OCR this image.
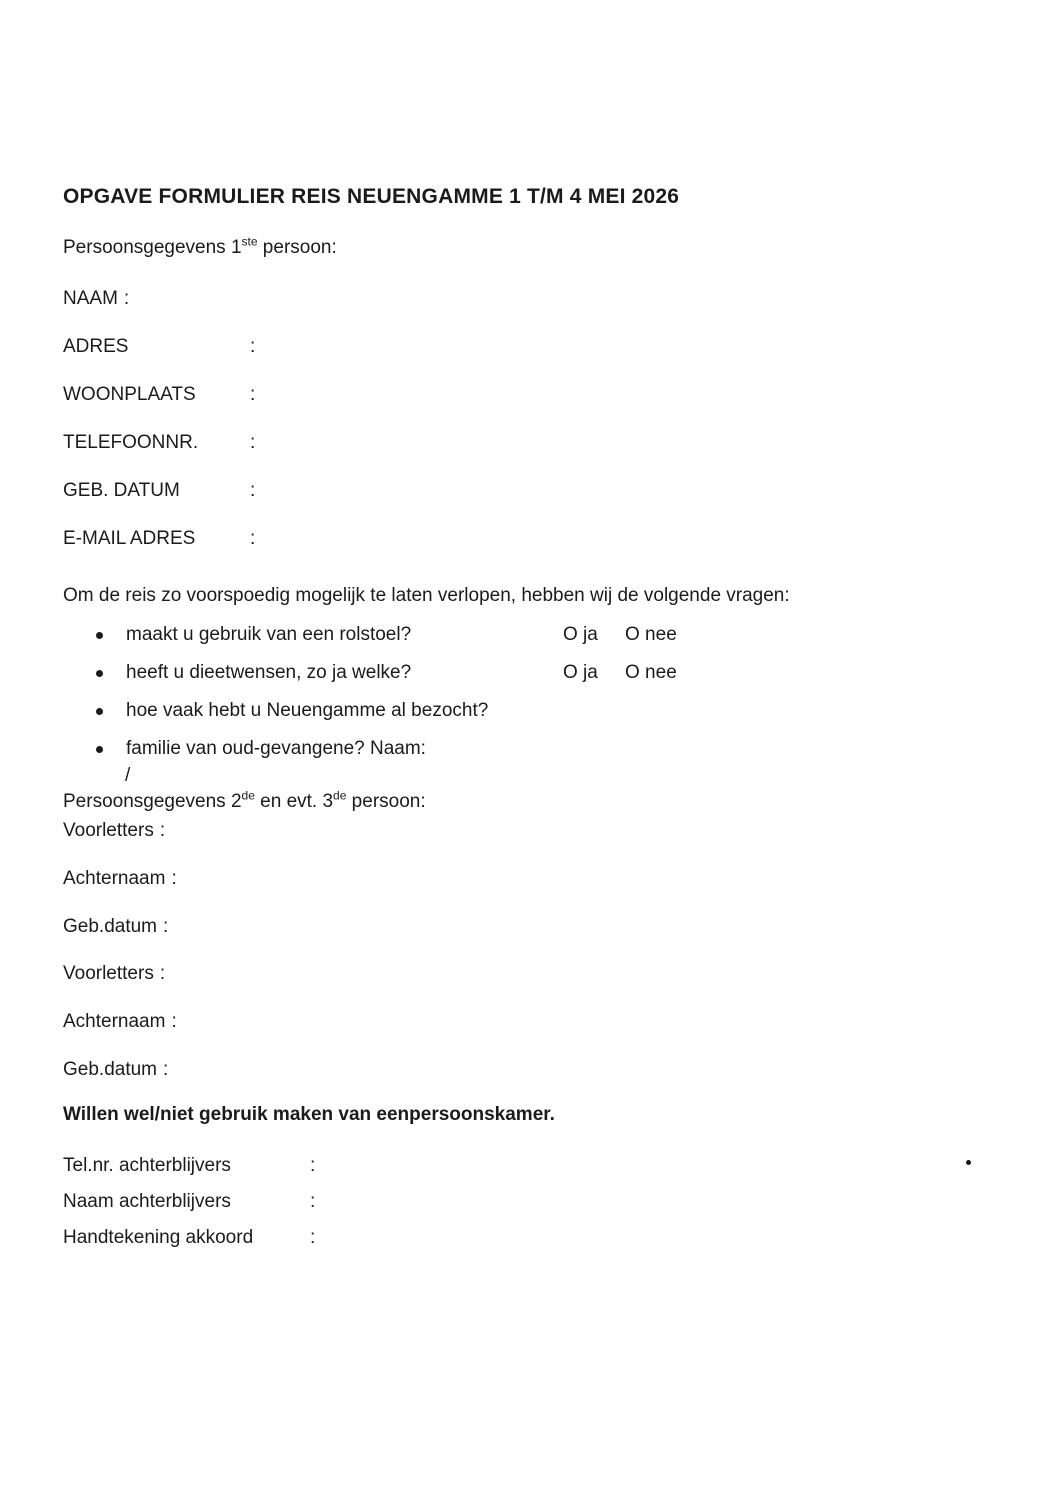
OPGAVE FORMULIER REIS NEUENGAMME 1 T/M 4 MEI 2026
Persoonsgegevens 1ste persoon:
NAAM :
ADRES	:
WOONPLAATS	:
TELEFOONNR.	:
GEB. DATUM	:
E-MAIL ADRES	:
Om de reis zo voorspoedig mogelijk te laten verlopen, hebben wij de volgende vragen:
maakt u gebruik van een rolstoel?	O ja O nee
heeft u dieetwensen, zo ja welke?	O ja O nee
hoe vaak hebt u Neuengamme al bezocht?
familie van oud-gevangene? Naam:
/
Persoonsgegevens 2de en evt. 3de persoon:
Voorletters :
Achternaam :
Geb.datum :
Voorletters :
Achternaam :
Geb.datum :
Willen wel/niet gebruik maken van eenpersoonskamer.
Tel.nr. achterblijvers	:
Naam achterblijvers	:
Handtekening akkoord	:
